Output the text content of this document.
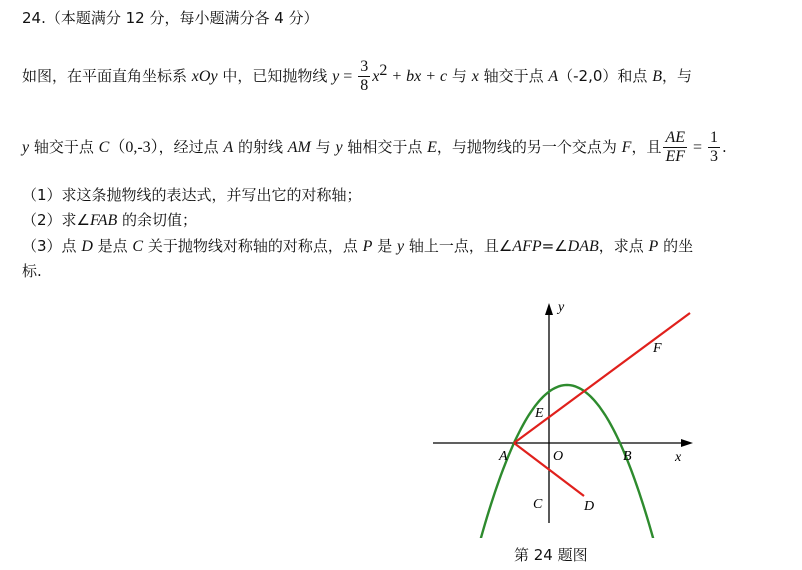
24.（本题满分 12 分，每小题满分各 4 分）
如图，在平面直角坐标系 xOy 中，已知抛物线 $y = \frac{3}{8} x^2$ + bx + c 与 x 轴交于点 A（-2,0）和点 B，与
y 轴交于点 C（0,-3），经过点 A 的射线 AM 与 y 轴相交于点 E，与抛物线的另一个交点为 F，且 $\frac{AE}{EF} = \frac{1}{3}$ .
（1）求这条抛物线的表达式，并写出它的对称轴；
（2）求∠FAB 的余切值；
（3）点 D 是点 C 关于抛物线对称轴的对称点，点 P 是 y 轴上一点，且∠AFP=∠DAB，求点 P 的坐
标.
y
x
O
A	B
C	D
E
F
第 24 题图
